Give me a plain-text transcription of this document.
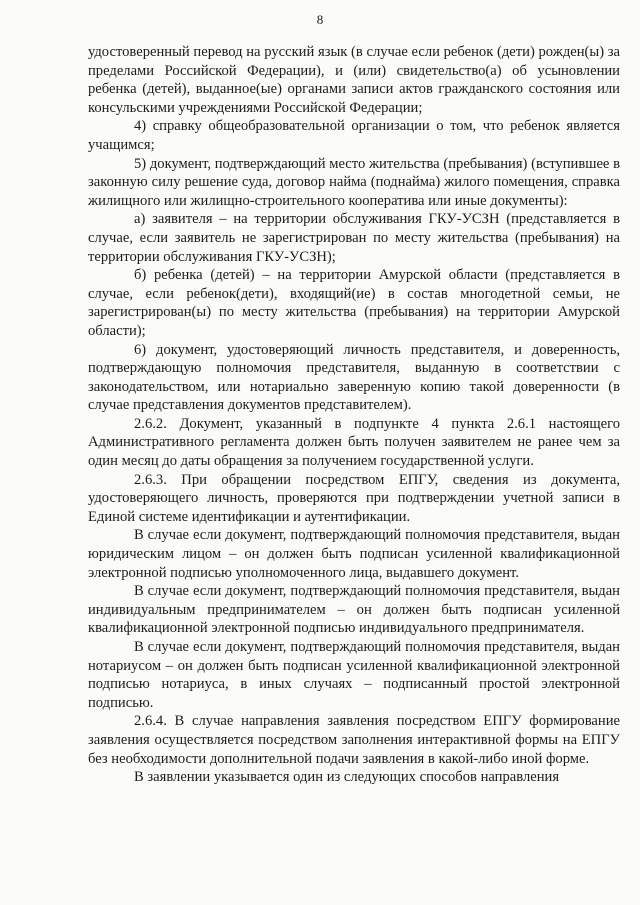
8

удостоверенный перевод на русский язык (в случае если ребенок (дети) рожден(ы) за пределами Российской Федерации), и (или) свидетельство(а) об усыновлении ребенка (детей), выданное(ые) органами записи актов гражданского состояния или консульскими учреждениями Российской Федерации;

4) справку общеобразовательной организации о том, что ребенок является учащимся;

5) документ, подтверждающий место жительства (пребывания) (вступившее в законную силу решение суда, договор найма (поднайма) жилого помещения, справка жилищного или жилищно-строительного кооператива или иные документы):

а) заявителя – на территории обслуживания ГКУ-УСЗН (представляется в случае, если заявитель не зарегистрирован по месту жительства (пребывания) на территории обслуживания ГКУ-УСЗН);

б) ребенка (детей) – на территории Амурской области (представляется в случае, если ребенок(дети), входящий(ие) в состав многодетной семьи, не зарегистрирован(ы) по месту жительства (пребывания) на территории Амурской области);

6) документ, удостоверяющий личность представителя, и доверенность, подтверждающую полномочия представителя, выданную в соответствии с законодательством, или нотариально заверенную копию такой доверенности (в случае представления документов представителем).

2.6.2. Документ, указанный в подпункте 4 пункта 2.6.1 настоящего Административного регламента должен быть получен заявителем не ранее чем за один месяц до даты обращения за получением государственной услуги.

2.6.3. При обращении посредством ЕПГУ, сведения из документа, удостоверяющего личность, проверяются при подтверждении учетной записи в Единой системе идентификации и аутентификации.

В случае если документ, подтверждающий полномочия представителя, выдан юридическим лицом – он должен быть подписан усиленной квалификационной электронной подписью уполномоченного лица, выдавшего документ.

В случае если документ, подтверждающий полномочия представителя, выдан индивидуальным предпринимателем – он должен быть подписан усиленной квалификационной электронной подписью индивидуального предпринимателя.

В случае если документ, подтверждающий полномочия представителя, выдан нотариусом – он должен быть подписан усиленной квалификационной электронной подписью нотариуса, в иных случаях – подписанный простой электронной подписью.

2.6.4. В случае направления заявления посредством ЕПГУ формирование заявления осуществляется посредством заполнения интерактивной формы на ЕПГУ без необходимости дополнительной подачи заявления в какой-либо иной форме.

В заявлении указывается один из следующих способов направления
